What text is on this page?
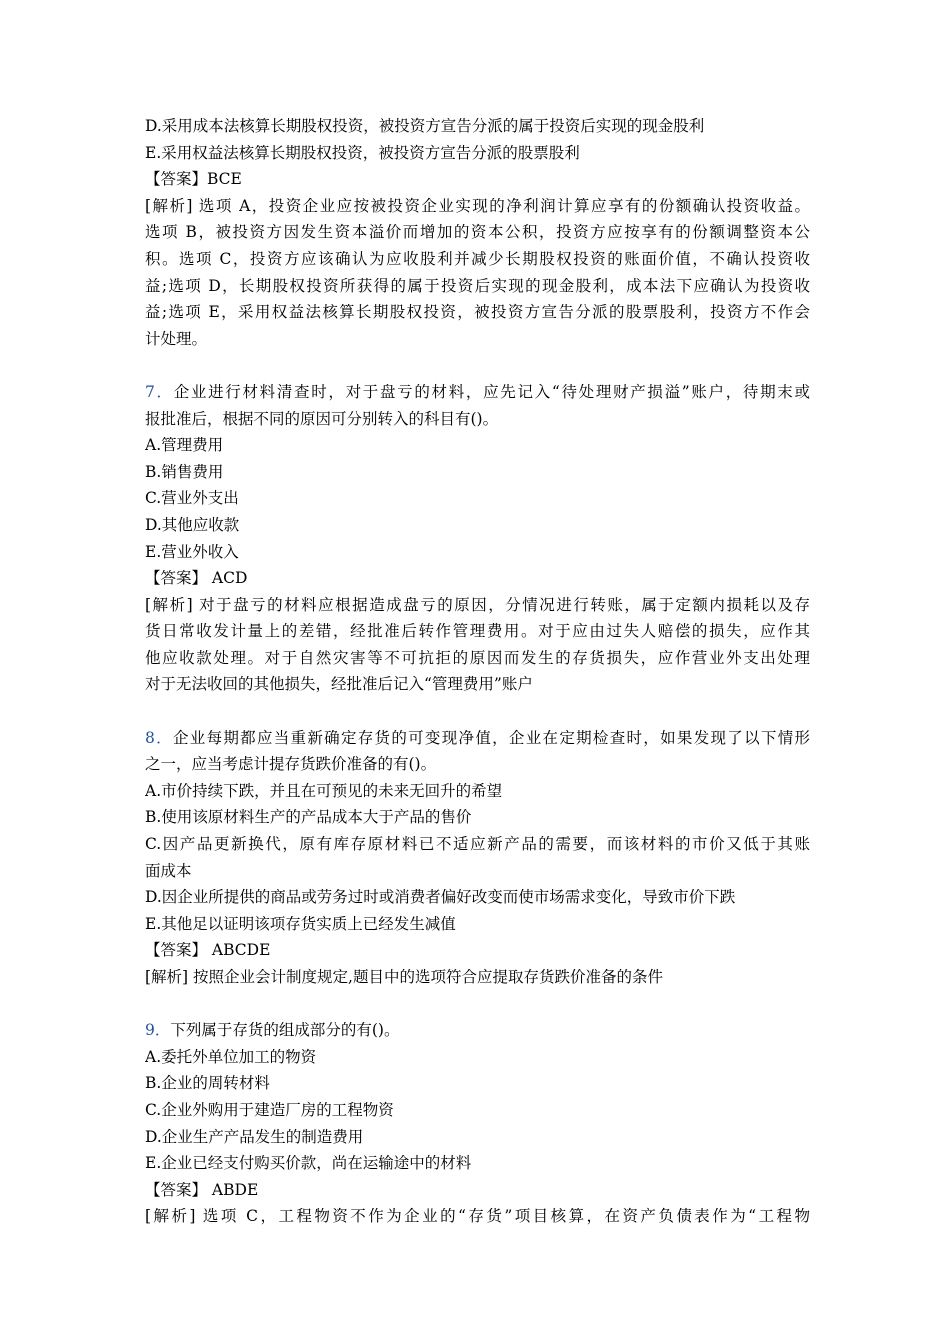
D.采用成本法核算长期股权投资，被投资方宣告分派的属于投资后实现的现金股利
E.采用权益法核算长期股权投资，被投资方宣告分派的股票股利
【答案】BCE
[解析] 选项 A，投资企业应按被投资企业实现的净利润计算应享有的份额确认投资收益。
选项 B，被投资方因发生资本溢价而增加的资本公积，投资方应按享有的份额调整资本公
积。选项 C，投资方应该确认为应收股利并减少长期股权投资的账面价值，不确认投资收
益;选项 D，长期股权投资所获得的属于投资后实现的现金股利，成本法下应确认为投资收
益;选项 E，采用权益法核算长期股权投资，被投资方宣告分派的股票股利，投资方不作会
计处理。
7．企业进行材料清查时，对于盘亏的材料，应先记入“待处理财产损溢”账户，待期末或
报批准后，根据不同的原因可分别转入的科目有()。
A.管理费用
B.销售费用
C.营业外支出
D.其他应收款
E.营业外收入
【答案】 ACD
[解析] 对于盘亏的材料应根据造成盘亏的原因，分情况进行转账，属于定额内损耗以及存
货日常收发计量上的差错，经批准后转作管理费用。对于应由过失人赔偿的损失，应作其
他应收款处理。对于自然灾害等不可抗拒的原因而发生的存货损失，应作营业外支出处理
对于无法收回的其他损失，经批准后记入“管理费用”账户
8．企业每期都应当重新确定存货的可变现净值，企业在定期检查时，如果发现了以下情形
之一，应当考虑计提存货跌价准备的有()。
A.市价持续下跌，并且在可预见的未来无回升的希望
B.使用该原材料生产的产品成本大于产品的售价
C.因产品更新换代，原有库存原材料已不适应新产品的需要，而该材料的市价又低于其账
面成本
D.因企业所提供的商品或劳务过时或消费者偏好改变而使市场需求变化，导致市价下跌
E.其他足以证明该项存货实质上已经发生减值
【答案】 ABCDE
[解析] 按照企业会计制度规定,题目中的选项符合应提取存货跌价准备的条件
9．下列属于存货的组成部分的有()。
A.委托外单位加工的物资
B.企业的周转材料
C.企业外购用于建造厂房的工程物资
D.企业生产产品发生的制造费用
E.企业已经支付购买价款，尚在运输途中的材料
【答案】 ABDE
[解析] 选项 C，工程物资不作为企业的“存货”项目核算，在资产负债表作为“工程物
